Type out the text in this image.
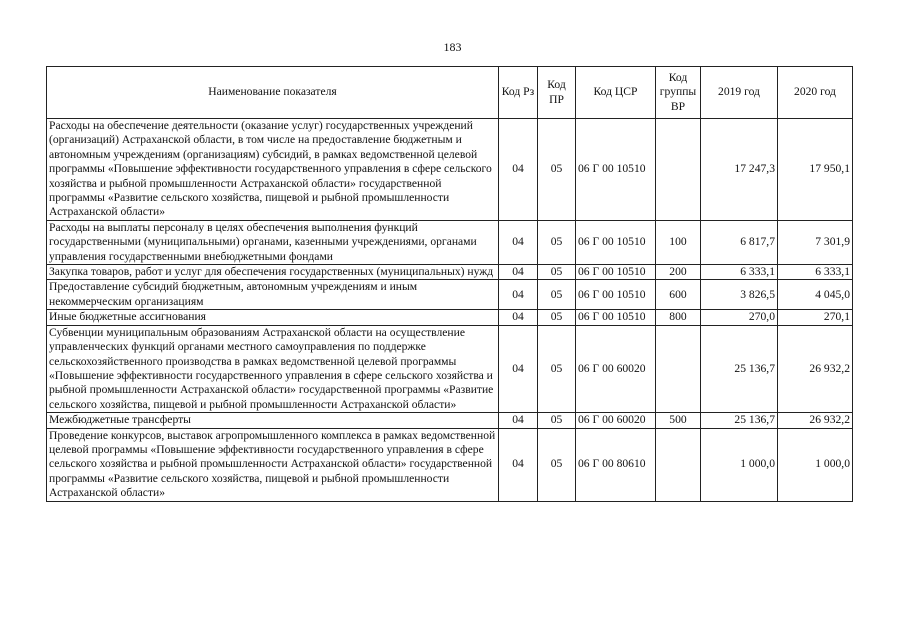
183
Наименование показателя	Код Рз	Код ПР	Код ЦСР	Код группы ВР	2019 год	2020 год
Расходы на обеспечение деятельности (оказание услуг) государственных учреждений (организаций) Астраханской области, в том числе на предоставление бюджетным и автономным учреждениям (организациям) субсидий, в рамках ведомственной целевой программы «Повышение эффективности государственного управления в сфере сельского хозяйства и рыбной промышленности Астраханской области» государственной программы «Развитие сельского хозяйства, пищевой и рыбной промышленности Астраханской области»	04	05	06 Г 00 10510		17 247,3	17 950,1
Расходы на выплаты персоналу в целях обеспечения выполнения функций государственными (муниципальными) органами, казенными учреждениями, органами управления государственными внебюджетными фондами	04	05	06 Г 00 10510	100	6 817,7	7 301,9
Закупка товаров, работ и услуг для обеспечения государственных (муниципальных) нужд	04	05	06 Г 00 10510	200	6 333,1	6 333,1
Предоставление субсидий бюджетным, автономным учреждениям и иным некоммерческим организациям	04	05	06 Г 00 10510	600	3 826,5	4 045,0
Иные бюджетные ассигнования	04	05	06 Г 00 10510	800	270,0	270,1
Субвенции муниципальным образованиям Астраханской области на осуществление управленческих функций органами местного самоуправления по поддержке сельскохозяйственного производства в рамках ведомственной целевой программы «Повышение эффективности государственного управления в сфере сельского хозяйства и рыбной промышленности Астраханской области» государственной программы «Развитие сельского хозяйства, пищевой и рыбной промышленности Астраханской области»	04	05	06 Г 00 60020		25 136,7	26 932,2
Межбюджетные трансферты	04	05	06 Г 00 60020	500	25 136,7	26 932,2
Проведение конкурсов, выставок агропромышленного комплекса в рамках ведомственной целевой программы «Повышение эффективности государственного управления в сфере сельского хозяйства и рыбной промышленности Астраханской области» государственной программы «Развитие сельского хозяйства, пищевой и рыбной промышленности Астраханской области»	04	05	06 Г 00 80610		1 000,0	1 000,0
